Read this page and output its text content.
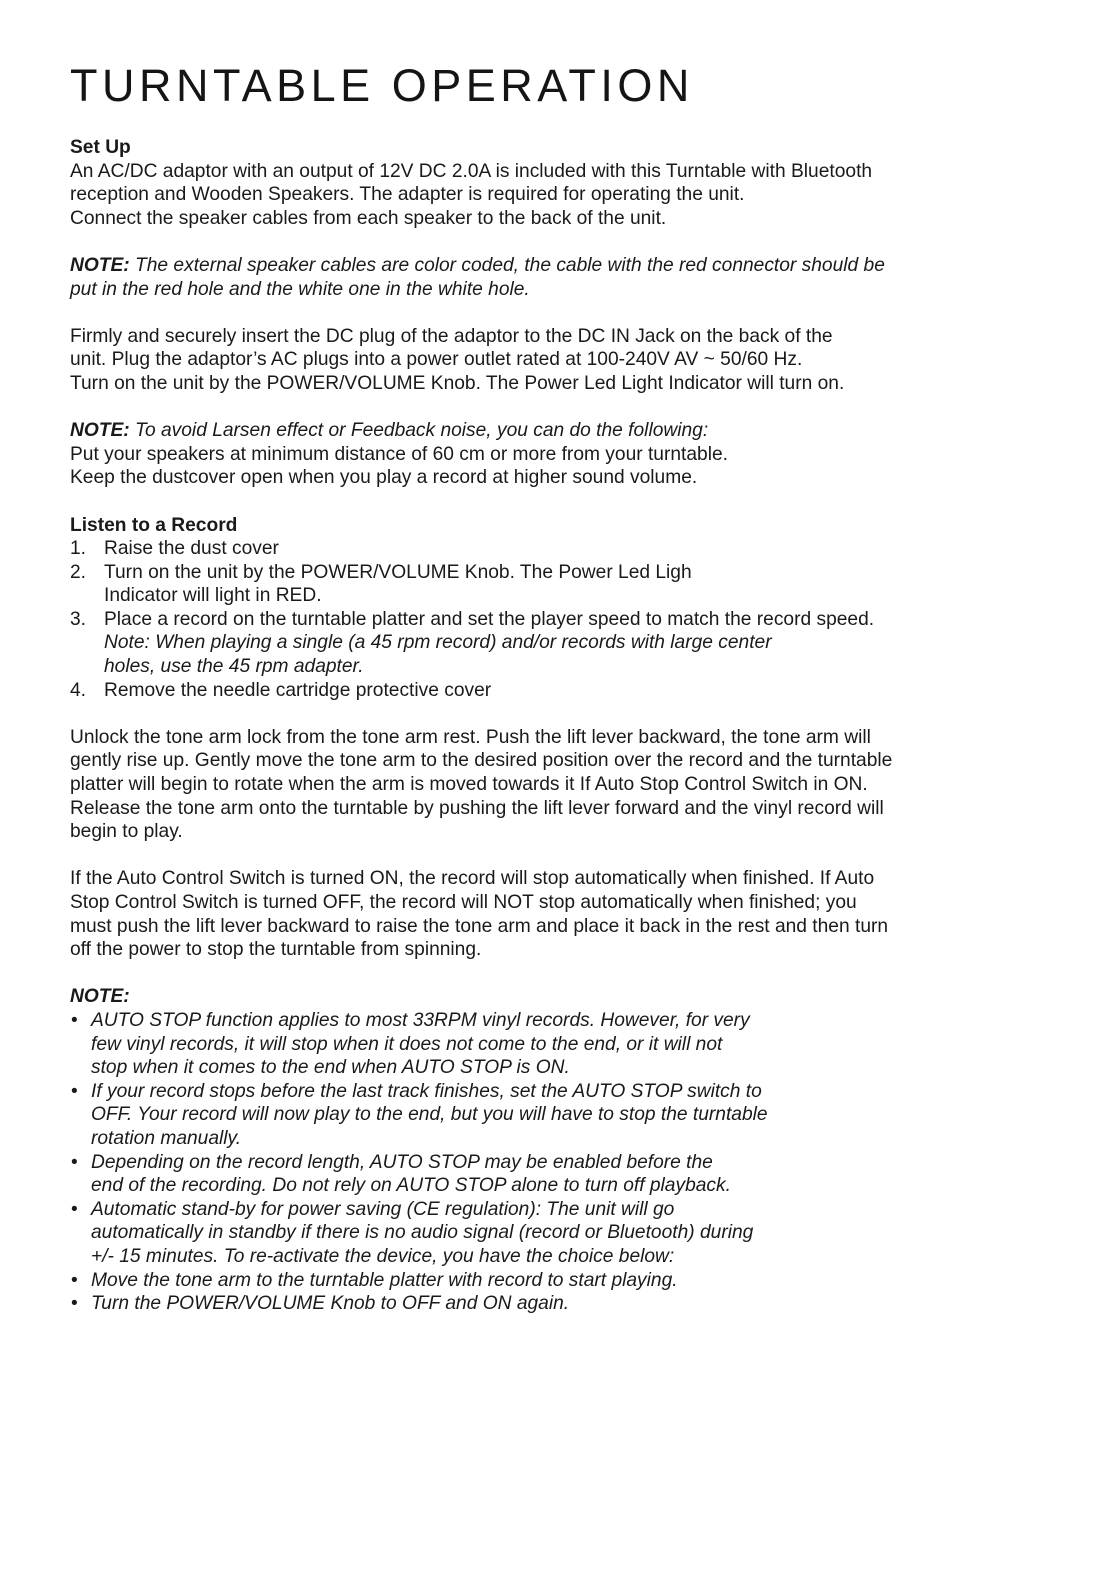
TURNTABLE OPERATION

Set Up

An AC/DC adaptor with an output of 12V DC 2.0A is included with this Turntable with Bluetooth

reception and Wooden Speakers. The adapter is required for operating the unit.

Connect the speaker cables from each speaker to the back of the unit.

NOTE: The external speaker cables are color coded, the cable with the red connector should be

put in the red hole and the white one in the white hole.

Firmly and securely insert the DC plug of the adaptor to the DC IN Jack on the back of the

unit. Plug the adaptor’s AC plugs into a power outlet rated at 100-240V AV ~ 50/60 Hz.

Turn on the unit by the POWER/VOLUME Knob. The Power Led Light Indicator will turn on.

NOTE: To avoid Larsen effect or Feedback noise, you can do the following:

Put your speakers at minimum distance of 60 cm or more from your turntable.

Keep the dustcover open when you play a record at higher sound volume.

Listen to a Record

1. Raise the dust cover

2. Turn on the unit by the POWER/VOLUME Knob. The Power Led Ligh

Indicator will light in RED.

3. Place a record on the turntable platter and set the player speed to match the record speed.

Note: When playing a single (a 45 rpm record) and/or records with large center

holes, use the 45 rpm adapter.

4. Remove the needle cartridge protective cover

Unlock the tone arm lock from the tone arm rest. Push the lift lever backward, the tone arm will

gently rise up. Gently move the tone arm to the desired position over the record and the turntable

platter will begin to rotate when the arm is moved towards it If Auto Stop Control Switch in ON.

Release the tone arm onto the turntable by pushing the lift lever forward and the vinyl record will

begin to play.

If the Auto Control Switch is turned ON, the record will stop automatically when finished. If Auto

Stop Control Switch is turned OFF, the record will NOT stop automatically when finished; you

must push the lift lever backward to raise the tone arm and place it back in the rest and then turn

off the power to stop the turntable from spinning.

NOTE:

• AUTO STOP function applies to most 33RPM vinyl records. However, for very

few vinyl records, it will stop when it does not come to the end, or it will not

stop when it comes to the end when AUTO STOP is ON.

• If your record stops before the last track finishes, set the AUTO STOP switch to

OFF. Your record will now play to the end, but you will have to stop the turntable

rotation manually.

• Depending on the record length, AUTO STOP may be enabled before the

end of the recording. Do not rely on AUTO STOP alone to turn off playback.

• Automatic stand-by for power saving (CE regulation): The unit will go

automatically in standby if there is no audio signal (record or Bluetooth) during

+/- 15 minutes. To re-activate the device, you have the choice below:

• Move the tone arm to the turntable platter with record to start playing.

• Turn the POWER/VOLUME Knob to OFF and ON again.
